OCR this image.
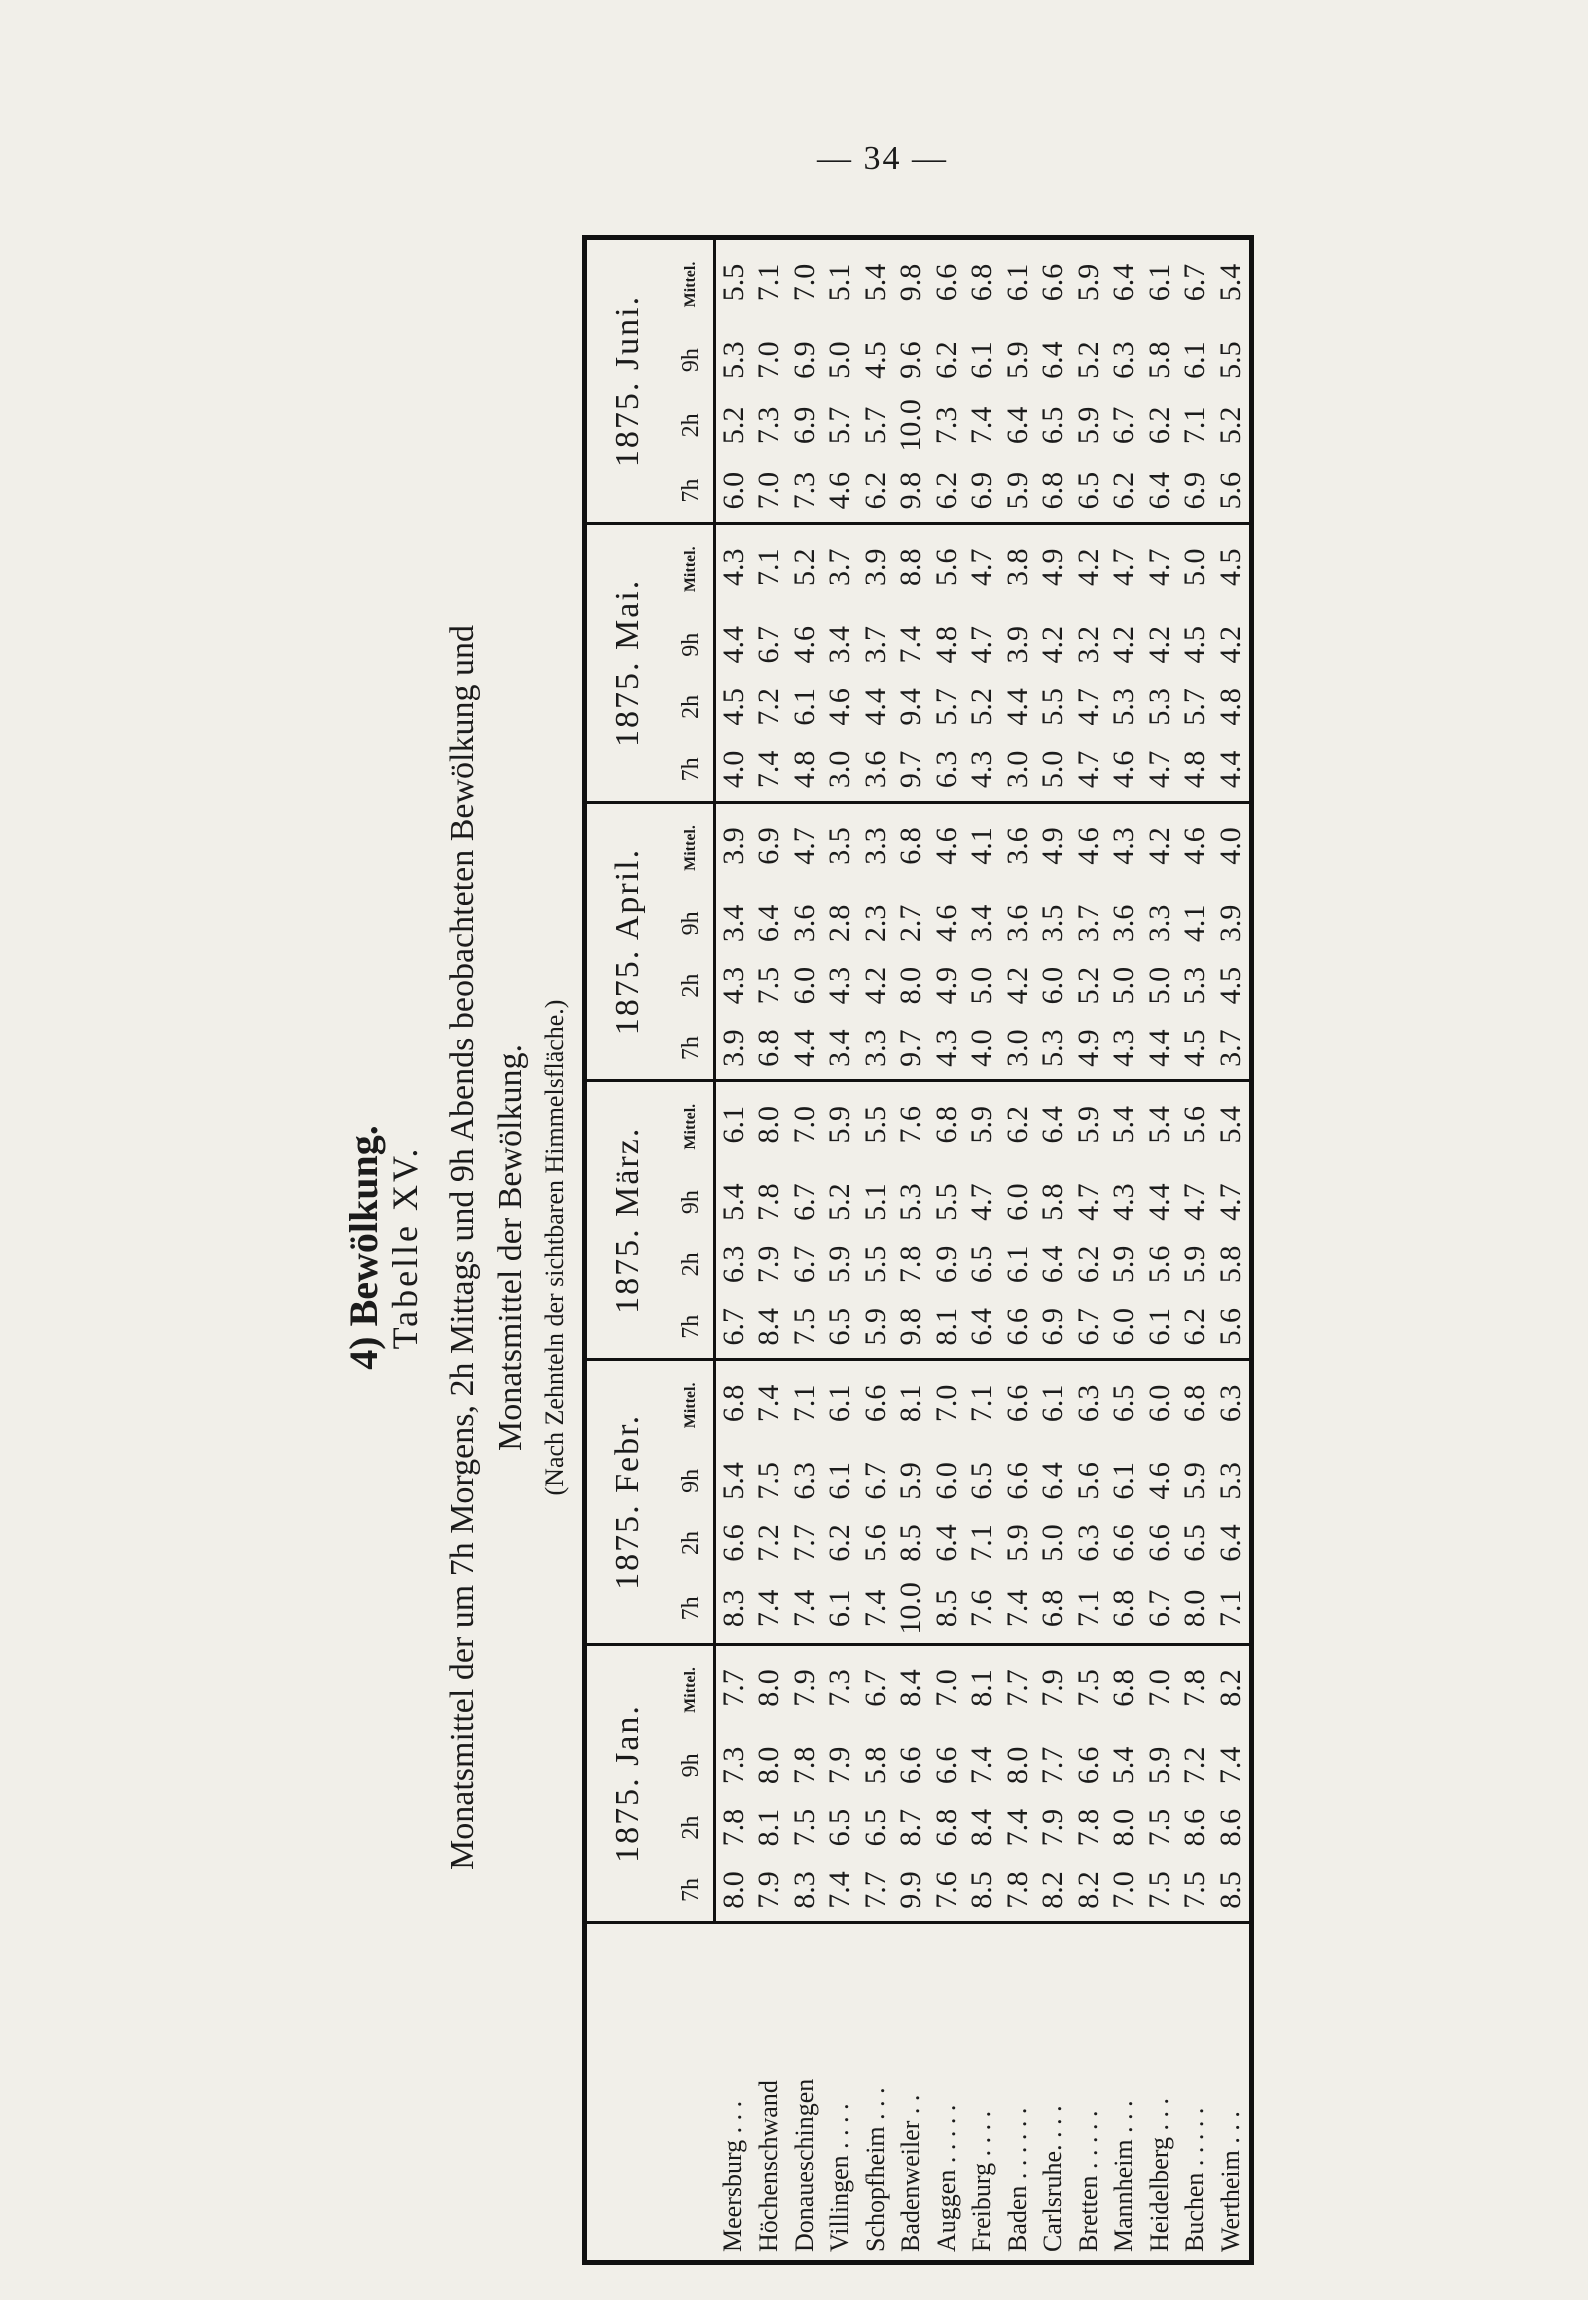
— 34 —
4) Bewölkung. Tabelle XV. Monatsmittel der um 7h Morgens, 2h Mittags und 9h Abends beobachteten Bewölkung und Monatsmittel der Bewölkung. (Nach Zehnteln der sichtbaren Himmelsfläche.)
	1875. Jan.				1875. Febr.				1875. März.				1875. April.				1875. Mai.				1875. Juni.			
	7h	2h	9h	Mittel.	7h	2h	9h	Mittel.	7h	2h	9h	Mittel.	7h	2h	9h	Mittel.	7h	2h	9h	Mittel.	7h	2h	9h	Mittel.
Meersburg . . .	8.0	7.8	7.3	7.7	8.3	6.6	5.4	6.8	6.7	6.3	5.4	6.1	3.9	4.3	3.4	3.9	4.0	4.5	4.4	4.3	6.0	5.2	5.3	5.5
Höchenschwand	7.9	8.1	8.0	8.0	7.4	7.2	7.5	7.4	8.4	7.9	7.8	8.0	6.8	7.5	6.4	6.9	7.4	7.2	6.7	7.1	7.0	7.3	7.0	7.1
Donaueschingen	8.3	7.5	7.8	7.9	7.4	7.7	6.3	7.1	7.5	6.7	6.7	7.0	4.4	6.0	3.6	4.7	4.8	6.1	4.6	5.2	7.3	6.9	6.9	7.0
Villingen . . . .	7.4	6.5	7.9	7.3	6.1	6.2	6.1	6.1	6.5	5.9	5.2	5.9	3.4	4.3	2.8	3.5	3.0	4.6	3.4	3.7	4.6	5.7	5.0	5.1
Schopfheim . . .	7.7	6.5	5.8	6.7	7.4	5.6	6.7	6.6	5.9	5.5	5.1	5.5	3.3	4.2	2.3	3.3	3.6	4.4	3.7	3.9	6.2	5.7	4.5	5.4
Badenweiler . .	9.9	8.7	6.6	8.4	10.0	8.5	5.9	8.1	9.8	7.8	5.3	7.6	9.7	8.0	2.7	6.8	9.7	9.4	7.4	8.8	9.8	10.0	9.6	9.8
Auggen . . . . .	7.6	6.8	6.6	7.0	8.5	6.4	6.0	7.0	8.1	6.9	5.5	6.8	4.3	4.9	4.6	4.6	6.3	5.7	4.8	5.6	6.2	7.3	6.2	6.6
Freiburg . . . .	8.5	8.4	7.4	8.1	7.6	7.1	6.5	7.1	6.4	6.5	4.7	5.9	4.0	5.0	3.4	4.1	4.3	5.2	4.7	4.7	6.9	7.4	6.1	6.8
Baden . . . . . .	7.8	7.4	8.0	7.7	7.4	5.9	6.6	6.6	6.6	6.1	6.0	6.2	3.0	4.2	3.6	3.6	3.0	4.4	3.9	3.8	5.9	6.4	5.9	6.1
Carlsruhe. . . .	8.2	7.9	7.7	7.9	6.8	5.0	6.4	6.1	6.9	6.4	5.8	6.4	5.3	6.0	3.5	4.9	5.0	5.5	4.2	4.9	6.8	6.5	6.4	6.6
Bretten . . . . .	8.2	7.8	6.6	7.5	7.1	6.3	5.6	6.3	6.7	6.2	4.7	5.9	4.9	5.2	3.7	4.6	4.7	4.7	3.2	4.2	6.5	5.9	5.2	5.9
Mannheim . . .	7.0	8.0	5.4	6.8	6.8	6.6	6.1	6.5	6.0	5.9	4.3	5.4	4.3	5.0	3.6	4.3	4.6	5.3	4.2	4.7	6.2	6.7	6.3	6.4
Heidelberg . . .	7.5	7.5	5.9	7.0	6.7	6.6	4.6	6.0	6.1	5.6	4.4	5.4	4.4	5.0	3.3	4.2	4.7	5.3	4.2	4.7	6.4	6.2	5.8	6.1
Buchen . . . . .	7.5	8.6	7.2	7.8	8.0	6.5	5.9	6.8	6.2	5.9	4.7	5.6	4.5	5.3	4.1	4.6	4.8	5.7	4.5	5.0	6.9	7.1	6.1	6.7
Wertheim . . .	8.5	8.6	7.4	8.2	7.1	6.4	5.3	6.3	5.6	5.8	4.7	5.4	3.7	4.5	3.9	4.0	4.4	4.8	4.2	4.5	5.6	5.2	5.5	5.4
